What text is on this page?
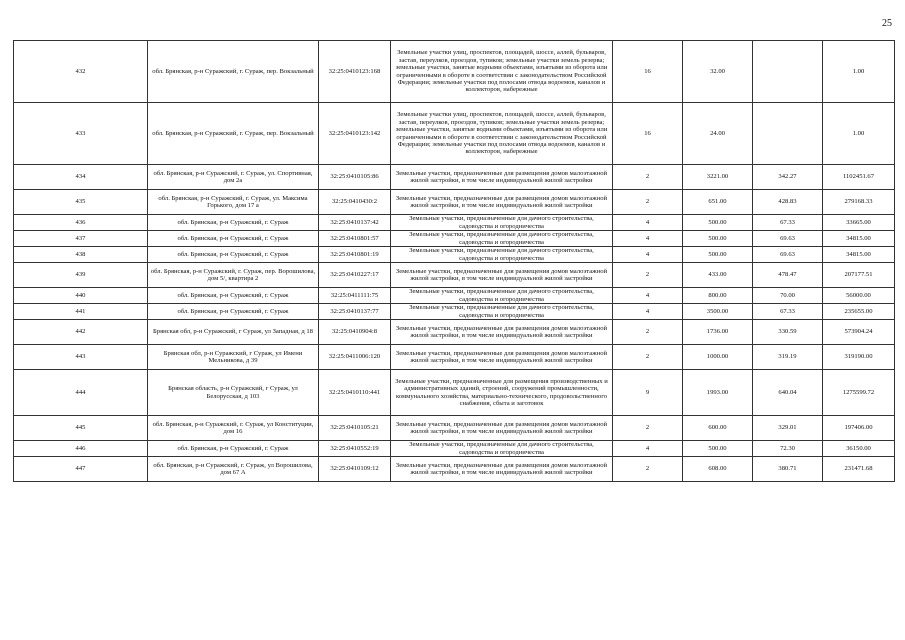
25
432	обл. Брянская, р-н Суражский, г. Сураж, пер. Вокзальный	32:25:0410123:168	Земельные участки улиц, проспектов, площадей, шоссе, аллей, бульваров, застав, переулков, проездов, тупиков; земельные участки земель резерва; земельные участки, занятые водными объектами, изъятыми из оборота или ограниченными в обороте в соответствии с законодательством Российской Федерации; земельные участки под полосами отвода водоемов, каналов и коллекторов, набережные	16	32.00		1.00
433	обл. Брянская, р-н Суражский, г. Сураж, пер. Вокзальный	32:25:0410123:142	Земельные участки улиц, проспектов, площадей, шоссе, аллей, бульваров, застав, переулков, проездов, тупиков; земельные участки земель резерва; земельные участки, занятые водными объектами, изъятыми из оборота или ограниченными в обороте в соответствии с законодательством Российской Федерации; земельные участки под полосами отвода водоемов, каналов и коллекторов, набережные	16	24.00		1.00
434	обл. Брянская, р-н Суражский, г. Сураж, ул. Спортивная, дом 2а	32:25:0410105:86	Земельные участки, предназначенные для размещения домов малоэтажной жилой застройки, в том числе индивидуальной жилой застройки	2	3221.00	342.27	1102451.67
435	обл. Брянская, р-н Суражский, г. Сураж, ул. Максима Горького, дом 17 а	32:25:0410430:2	Земельные участки, предназначенные для размещения домов малоэтажной жилой застройки, в том числе индивидуальной жилой застройки	2	651.00	428.83	279168.33
436	обл. Брянская, р-н Суражский, г. Сураж	32:25:0410137:42	Земельные участки, предназначенные для дачного строительства, садоводства и огородничества	4	500.00	67.33	33665.00
437	обл. Брянская, р-н Суражский, г. Сураж	32:25:0410801:57	Земельные участки, предназначенные для дачного строительства, садоводства и огородничества	4	500.00	69.63	34815.00
438	обл. Брянская, р-н Суражский, г. Сураж	32:25:0410801:19	Земельные участки, предназначенные для дачного строительства, садоводства и огородничества	4	500.00	69.63	34815.00
439	обл. Брянская, р-н Суражский, г. Сураж, пер. Ворошилова, дом 5/, квартира 2	32:25:0410227:17	Земельные участки, предназначенные для размещения домов малоэтажной жилой застройки, в том числе индивидуальной жилой застройки	2	433.00	478.47	207177.51
440	обл. Брянская, р-н Суражский, г. Сураж	32:25:0411111:75	Земельные участки, предназначенные для дачного строительства, садоводства и огородничества	4	800.00	70.00	56000.00
441	обл. Брянская, р-н Суражский, г. Сураж	32:25:0410137:77	Земельные участки, предназначенные для дачного строительства, садоводства и огородничества	4	3500.00	67.33	235655.00
442	Брянская обл, р-н Суражский, г Сураж, ул Западная, д 18	32:25:0410904:8	Земельные участки, предназначенные для размещения домов малоэтажной жилой застройки, в том числе индивидуальной жилой застройки	2	1736.00	330.59	573904.24
443	Брянская обл, р-н Суражский, г Сураж, ул Имени Мельникова, д 39	32:25:0411006:120	Земельные участки, предназначенные для размещения домов малоэтажной жилой застройки, в том числе индивидуальной жилой застройки	2	1000.00	319.19	319190.00
444	Брянская область, р-н Суражский, г Сураж, ул Белорусская, д 103	32:25:0410110:441	Земельные участки, предназначенные для размещения производственных и административных зданий, строений, сооружений промышленности, коммунального хозяйства, материально-технического, продовольственного снабжения, сбыта и заготовок	9	1993.00	640.04	1275599.72
445	обл. Брянская, р-н Суражский, г. Сураж, ул Конституции, дом 16	32:25:0410105:21	Земельные участки, предназначенные для размещения домов малоэтажной жилой застройки, в том числе индивидуальной жилой застройки	2	600.00	329.01	197406.00
446	обл. Брянская, р-н Суражский, г. Сураж	32:25:0410552:19	Земельные участки, предназначенные для дачного строительства, садоводства и огородничества	4	500.00	72.30	36150.00
447	обл. Брянская, р-н Суражский, г. Сураж, ул Ворошилова, дом 67 А	32:25:0410109:12	Земельные участки, предназначенные для размещения домов малоэтажной жилой застройки, в том числе индивидуальной жилой застройки	2	608.00	380.71	231471.68
